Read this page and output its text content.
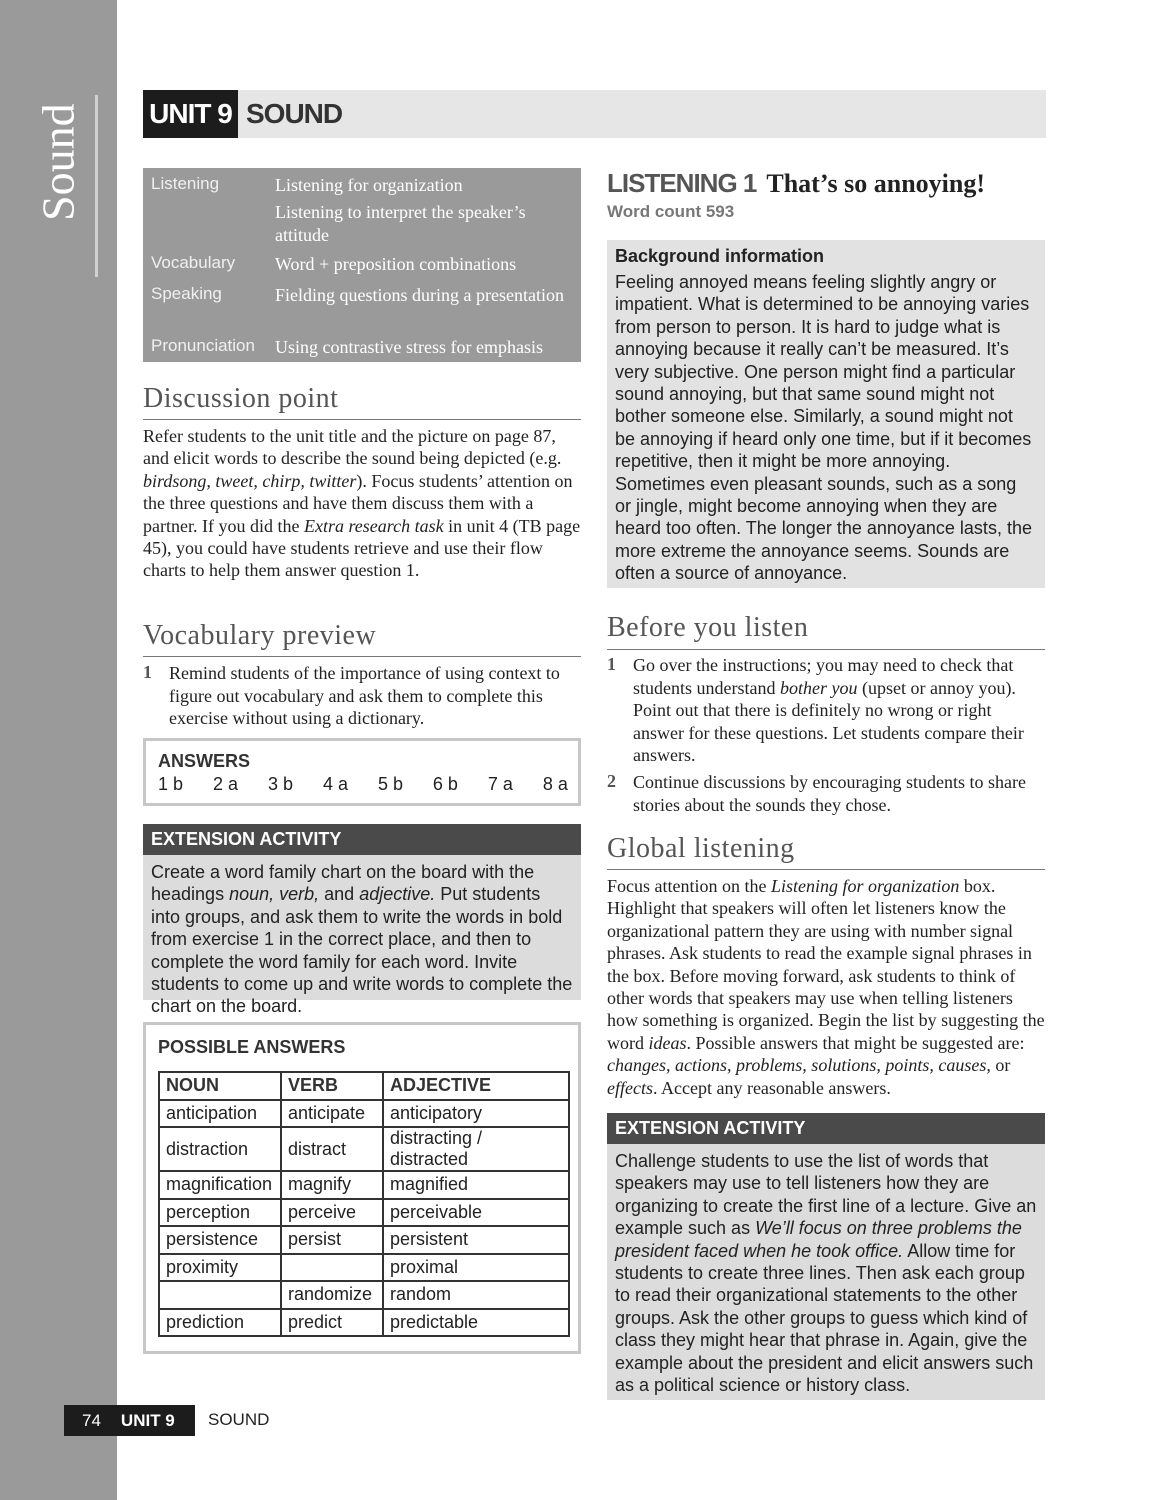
Sound	UNIT 9 SOUND
Listening	Listening for organization
Listening to interpret the speaker’s attitude
Vocabulary Word + preposition combinations
Speaking	Fielding questions during a presentation
Pronunciation Using contrastive stress for emphasis
Discussion point
Refer students to the unit title and the picture on page 87, and elicit words to describe the sound being depicted (e.g. birdsong, tweet, chirp, twitter). Focus students’ attention on the three questions and have them discuss them with a partner. If you did the Extra research task in unit 4 (TB page 45), you could have students retrieve and use their flow charts to help them answer question 1.
Vocabulary preview
1 Remind students of the importance of using context to figure out vocabulary and ask them to complete this exercise without using a dictionary.
ANSWERS
1 b 2 a 3 b 4 a 5 b 6 b 7 a 8 a
EXTENSION ACTIVITY
Create a word family chart on the board with the headings noun, verb, and adjective. Put students into groups, and ask them to write the words in bold from exercise 1 in the correct place, and then to complete the word family for each word. Invite students to come up and write words to complete the chart on the board.
POSSIBLE ANSWERS
NOUN	VERB	ADJECTIVE
anticipation	anticipate	anticipatory
distraction	distract	distracting / distracted
magnification	magnify	magnified
perception	perceive	perceivable
persistence	persist	persistent
proximity		proximal
	randomize	random
prediction	predict	predictable
LISTENING 1 That’s so annoying!
Word count 593
Background information
Feeling annoyed means feeling slightly angry or impatient. What is determined to be annoying varies from person to person. It is hard to judge what is annoying because it really can’t be measured. It’s very subjective. One person might find a particular sound annoying, but that same sound might not bother someone else. Similarly, a sound might not be annoying if heard only one time, but if it becomes repetitive, then it might be more annoying. Sometimes even pleasant sounds, such as a song or jingle, might become annoying when they are heard too often. The longer the annoyance lasts, the more extreme the annoyance seems. Sounds are often a source of annoyance.
Before you listen
1 Go over the instructions; you may need to check that students understand bother you (upset or annoy you). Point out that there is definitely no wrong or right answer for these questions. Let students compare their answers.
2 Continue discussions by encouraging students to share stories about the sounds they chose.
Global listening
Focus attention on the Listening for organization box. Highlight that speakers will often let listeners know the organizational pattern they are using with number signal phrases. Ask students to read the example signal phrases in the box. Before moving forward, ask students to think of other words that speakers may use when telling listeners how something is organized. Begin the list by suggesting the word ideas. Possible answers that might be suggested are: changes, actions, problems, solutions, points, causes, or effects. Accept any reasonable answers.
EXTENSION ACTIVITY
Challenge students to use the list of words that speakers may use to tell listeners how they are organizing to create the first line of a lecture. Give an example such as We’ll focus on three problems the president faced when he took office. Allow time for students to create three lines. Then ask each group to read their organizational statements to the other groups. Ask the other groups to guess which kind of class they might hear that phrase in. Again, give the example about the president and elicit answers such as a political science or history class.
74 UNIT 9 SOUND
